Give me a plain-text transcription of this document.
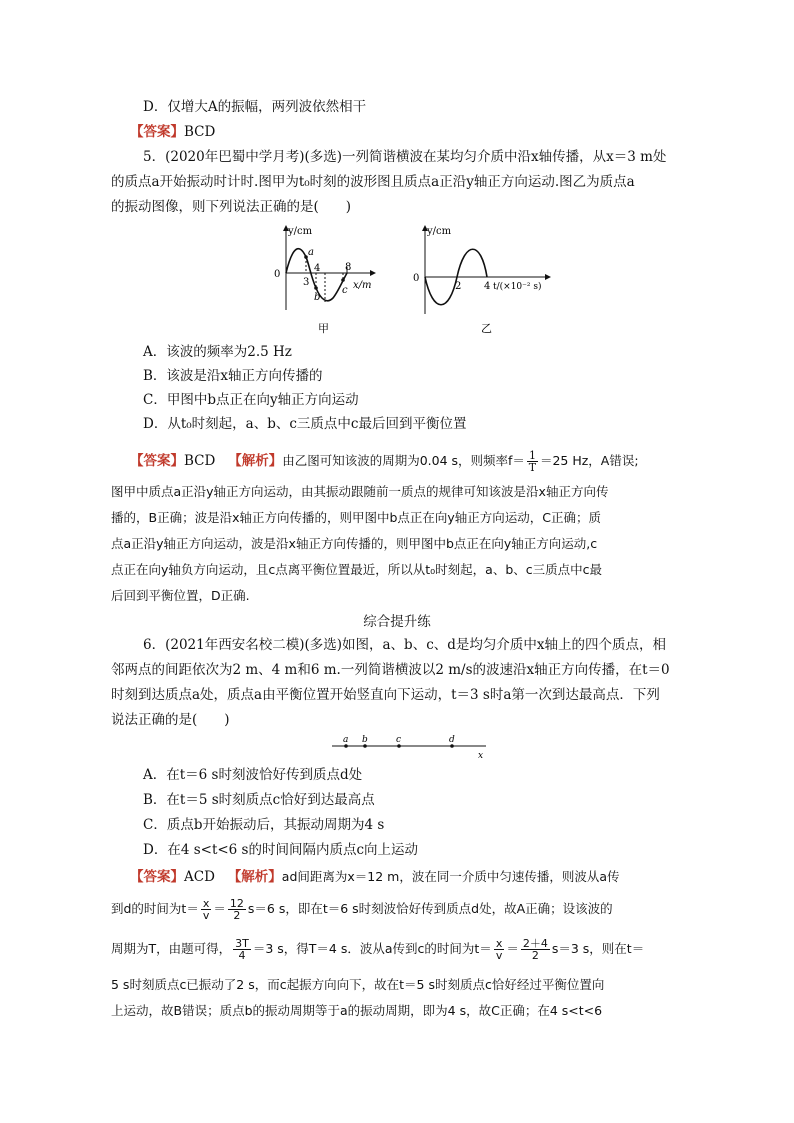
D．仅增大A的振幅，两列波依然相干
【答案】BCD
5．(2020年巴蜀中学月考)(多选)一列简谐横波在某均匀介质中沿x轴传播，从x＝3 m处
的质点a开始振动时计时.图甲为t₀时刻的波形图且质点a正沿y轴正方向运动.图乙为质点a
的振动图像，则下列说法正确的是(　　)
y/cm
x/m
0
a
b
c
3
4 8
甲
y/cm
0
2 4 t/(×10⁻² s)
乙
A．该波的频率为2.5 Hz
B．该波是沿x轴正方向传播的
C．甲图中b点正在向y轴正方向运动
D．从t₀时刻起，a、b、c三质点中c最后回到平衡位置
【答案】BCD 【解析】由乙图可知该波的周期为0.04 s，则频率$f= \frac{1}{T} =25$ Hz，A错误;
图甲中质点a正沿y轴正方向运动，由其振动跟随前一质点的规律可知该波是沿x轴正方向传
播的，B正确；波是沿x轴正方向传播的，则甲图中b点正在向y轴正方向运动，C正确；质
点a正沿y轴正方向运动，波是沿x轴正方向传播的，则甲图中b点正在向y轴正方向运动,c
点正在向y轴负方向运动，且c点离平衡位置最近，所以从t₀时刻起，a、b、c三质点中c最
后回到平衡位置，D正确.
综合提升练
6．(2021年西安名校二模)(多选)如图，a、b、c、d是均匀介质中x轴上的四个质点，相
邻两点的间距依次为2 m、4 m和6 m.一列简谐横波以2 m/s的波速沿x轴正方向传播，在t＝0
时刻到达质点a处，质点a由平衡位置开始竖直向下运动，t＝3 s时a第一次到达最高点．下列
说法正确的是(　　)
a b	c	d
x
A．在t＝6 s时刻波恰好传到质点d处
B．在t＝5 s时刻质点c恰好到达最高点
C．质点b开始振动后，其振动周期为4 s
D．在4 s<t<6 s的时间间隔内质点c向上运动
【答案】ACD 【解析】ad间距离为x＝12 m，波在同一介质中匀速传播，则波从a传
到d的时间为$t= \frac{x}{v} = \frac{12}{2} s=6$ s，即在t＝6 s时刻波恰好传到质点d处，故A正确；设该波的
周期为T，由题可得， $\frac{3T}{4} =3$ s，得T＝4 s．波从a传到c的时间为$t= \frac{x}{v} = \frac{2+4}{2} s=3$ s，则在t＝
5 s时刻质点c已振动了2 s，而c起振方向向下，故在t＝5 s时刻质点c恰好经过平衡位置向
上运动，故B错误；质点b的振动周期等于a的振动周期，即为4 s，故C正确；在4 s<t<6
